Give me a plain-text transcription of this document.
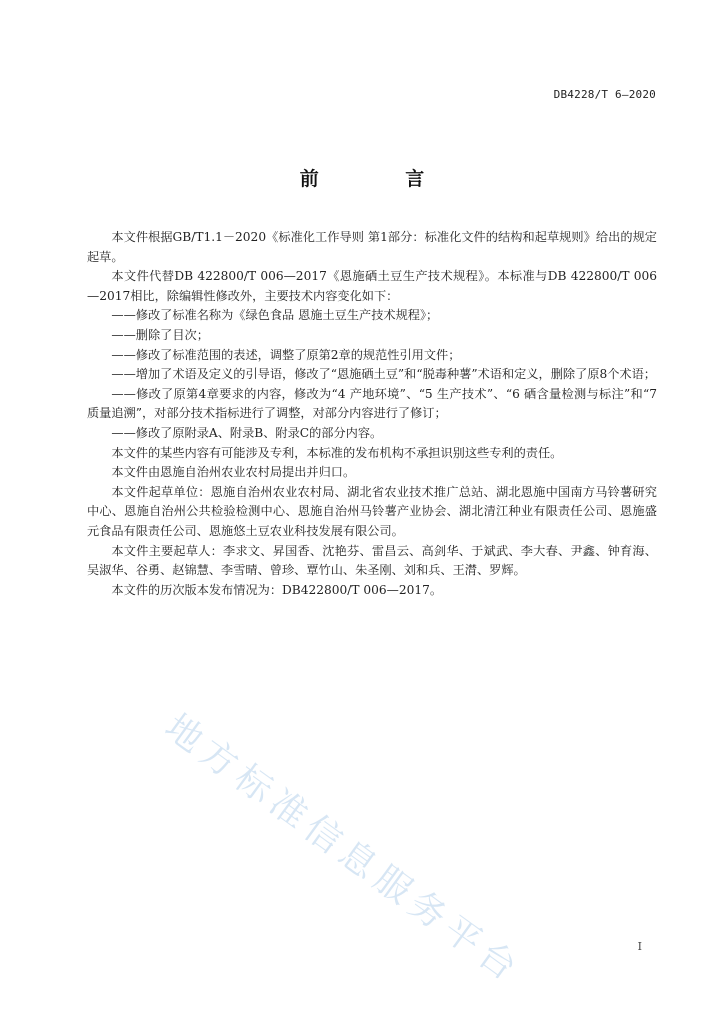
DB4228/T 6—2020
前 言

本文件根据GB/T1.1－2020《标准化工作导则 第1部分：标准化文件的结构和起草规则》给出的规定起草。

本文件代替DB 422800/T 006—2017《恩施硒土豆生产技术规程》。本标准与DB 422800/T 006—2017相比，除编辑性修改外，主要技术内容变化如下：

——修改了标准名称为《绿色食品 恩施土豆生产技术规程》；

——删除了目次；

——修改了标准范围的表述，调整了原第2章的规范性引用文件；

——增加了术语及定义的引导语，修改了“恩施硒土豆”和“脱毒种薯”术语和定义，删除了原8个术语；

——修改了原第4章要求的内容，修改为“4 产地环境”、“5 生产技术”、“6 硒含量检测与标注”和“7 质量追溯”，对部分技术指标进行了调整，对部分内容进行了修订；

——修改了原附录A、附录B、附录C的部分内容。

本文件的某些内容有可能涉及专利，本标准的发布机构不承担识别这些专利的责任。

本文件由恩施自治州农业农村局提出并归口。

本文件起草单位：恩施自治州农业农村局、湖北省农业技术推广总站、湖北恩施中国南方马铃薯研究中心、恩施自治州公共检验检测中心、恩施自治州马铃薯产业协会、湖北清江种业有限责任公司、恩施盛元食品有限责任公司、恩施悠土豆农业科技发展有限公司。

本文件主要起草人：李求文、昇国香、沈艳芬、雷昌云、高剑华、于斌武、李大春、尹鑫、钟育海、吴淑华、谷勇、赵锦慧、李雪晴、曾珍、覃竹山、朱圣刚、刘和兵、王潸、罗辉。

本文件的历次版本发布情况为：DB422800/T 006—2017。

地方标准信息服务平台	I
